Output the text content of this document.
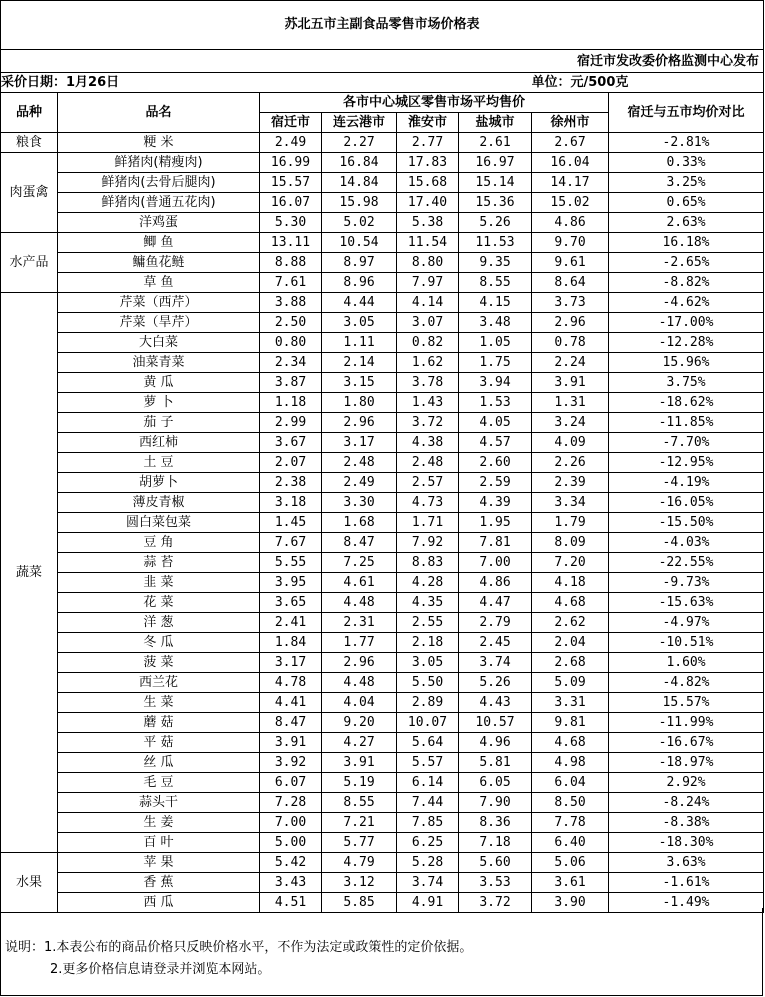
苏北五市主副食品零售市场价格表							
宿迁市发改委价格监测中心发布							
采价日期：1月26日						单位：元/500克	
品种	品名	各市中心城区零售市场平均售价					宿迁与五市均价对比
		宿迁市	连云港市	淮安市	盐城市	徐州市	
粮食	粳 米	2.49	2.27	2.77	2.61	2.67	-2.81%
肉蛋禽	鲜猪肉(精瘦肉)	16.99	16.84	17.83	16.97	16.04	0.33%
	鲜猪肉(去骨后腿肉)	15.57	14.84	15.68	15.14	14.17	3.25%
	鲜猪肉(普通五花肉)	16.07	15.98	17.40	15.36	15.02	0.65%
	洋鸡蛋	5.30	5.02	5.38	5.26	4.86	2.63%
水产品	鲫 鱼	13.11	10.54	11.54	11.53	9.70	16.18%
	鳙鱼花鲢	8.88	8.97	8.80	9.35	9.61	-2.65%
	草 鱼	7.61	8.96	7.97	8.55	8.64	-8.82%
蔬菜	芹菜（西芹）	3.88	4.44	4.14	4.15	3.73	-4.62%
	芹菜（旱芹）	2.50	3.05	3.07	3.48	2.96	-17.00%
	大白菜	0.80	1.11	0.82	1.05	0.78	-12.28%
	油菜青菜	2.34	2.14	1.62	1.75	2.24	15.96%
	黄 瓜	3.87	3.15	3.78	3.94	3.91	3.75%
	萝 卜	1.18	1.80	1.43	1.53	1.31	-18.62%
	茄 子	2.99	2.96	3.72	4.05	3.24	-11.85%
	西红柿	3.67	3.17	4.38	4.57	4.09	-7.70%
	土 豆	2.07	2.48	2.48	2.60	2.26	-12.95%
	胡萝卜	2.38	2.49	2.57	2.59	2.39	-4.19%
	薄皮青椒	3.18	3.30	4.73	4.39	3.34	-16.05%
	圆白菜包菜	1.45	1.68	1.71	1.95	1.79	-15.50%
	豆 角	7.67	8.47	7.92	7.81	8.09	-4.03%
	蒜 苔	5.55	7.25	8.83	7.00	7.20	-22.55%
	韭 菜	3.95	4.61	4.28	4.86	4.18	-9.73%
	花 菜	3.65	4.48	4.35	4.47	4.68	-15.63%
	洋 葱	2.41	2.31	2.55	2.79	2.62	-4.97%
	冬 瓜	1.84	1.77	2.18	2.45	2.04	-10.51%
	菠 菜	3.17	2.96	3.05	3.74	2.68	1.60%
	西兰花	4.78	4.48	5.50	5.26	5.09	-4.82%
	生 菜	4.41	4.04	2.89	4.43	3.31	15.57%
	蘑 菇	8.47	9.20	10.07	10.57	9.81	-11.99%
	平 菇	3.91	4.27	5.64	4.96	4.68	-16.67%
	丝 瓜	3.92	3.91	5.57	5.81	4.98	-18.97%
	毛 豆	6.07	5.19	6.14	6.05	6.04	2.92%
	蒜头干	7.28	8.55	7.44	7.90	8.50	-8.24%
	生 姜	7.00	7.21	7.85	8.36	7.78	-8.38%
	百 叶	5.00	5.77	6.25	7.18	6.40	-18.30%
水果	苹 果	5.42	4.79	5.28	5.60	5.06	3.63%
	香 蕉	3.43	3.12	3.74	3.53	3.61	-1.61%
	西 瓜	4.51	5.85	4.91	3.72	3.90	-1.49%
说明：1.本表公布的商品价格只反映价格水平，不作为法定或政策性的定价依据。
2.更多价格信息请登录并浏览本网站。
